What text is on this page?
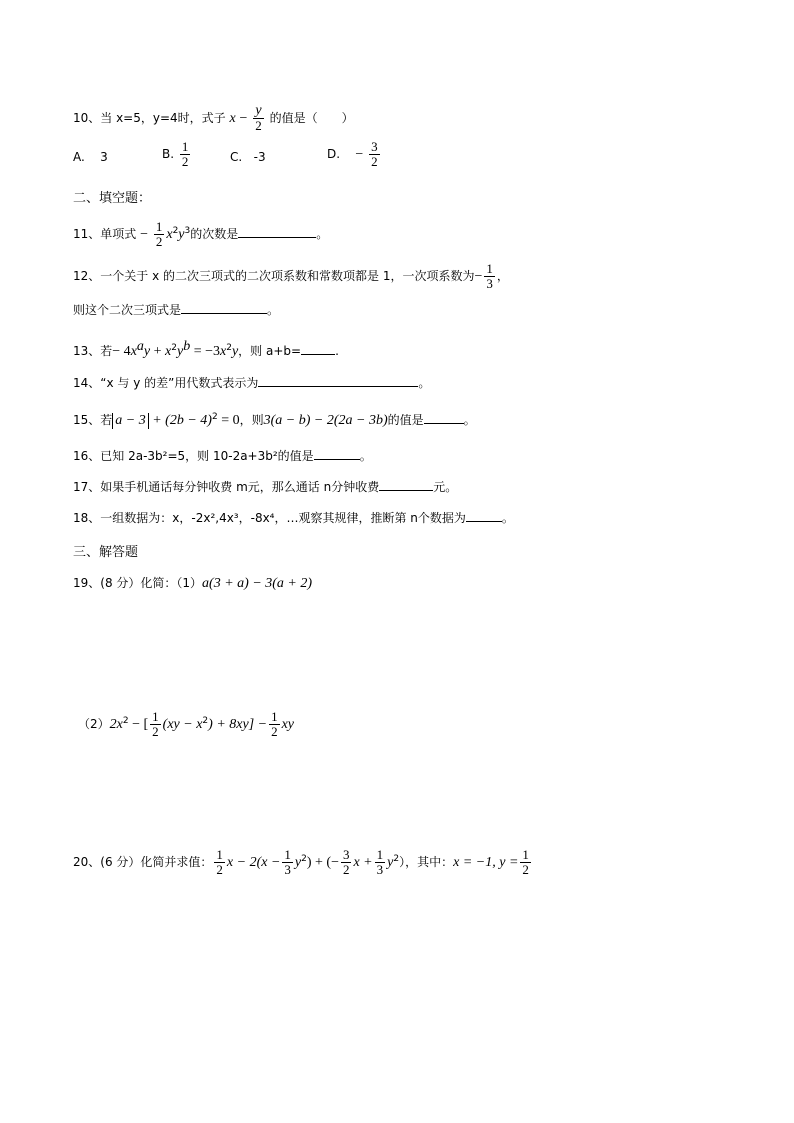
10、当 x=5，y=4时，式子 $x - \frac{y}{2}$ 的值是（　　）
A. 3	B. $\frac{1}{2}$	C. -3	D. − $\frac{3}{2}$
二、填空题：
11、单项式 − $\frac{1}{2} x^2y^3$的次数是	。
12、一个关于 x 的二次三项式的二次项系数和常数项都是 1，一次项系数为− $\frac{1}{3}$ ，
则这个二次三项式是	。
13、若− $4x^ay + x^2y^b = -3x^2y$，则 a+b=	.
14、“x 与 y 的差”用代数式表示为	。
15、若 $a - 3 + (2b - 4)^2 = 0$，则3(a − b) − 2(2a − 3b)的值是	。
16、已知 2a-3b²=5，则 10-2a+3b²的值是	。
17、如果手机通话每分钟收费 m元，那么通话 n分钟收费	元。
18、一组数据为：x，-2x²,4x³，-8x⁴，…观察其规律，推断第 n个数据为	。
三、解答题
19、(8 分）化简：（1）a(3 + a) − 3(a + 2)
$(2)2x^2$ − [ $\frac{1}{2} (xy - x^2) + 8xy] - \frac{1}{2}$ xy
20、(6 分）化简并求值： $\frac{1}{2}$ $x - 2(x - \frac{1}{3} y^2)$ + (− $\frac{3}{2}$ $x + \frac{1}{3} y^2$），其中：x = −1, $y = \frac{1}{2}$
